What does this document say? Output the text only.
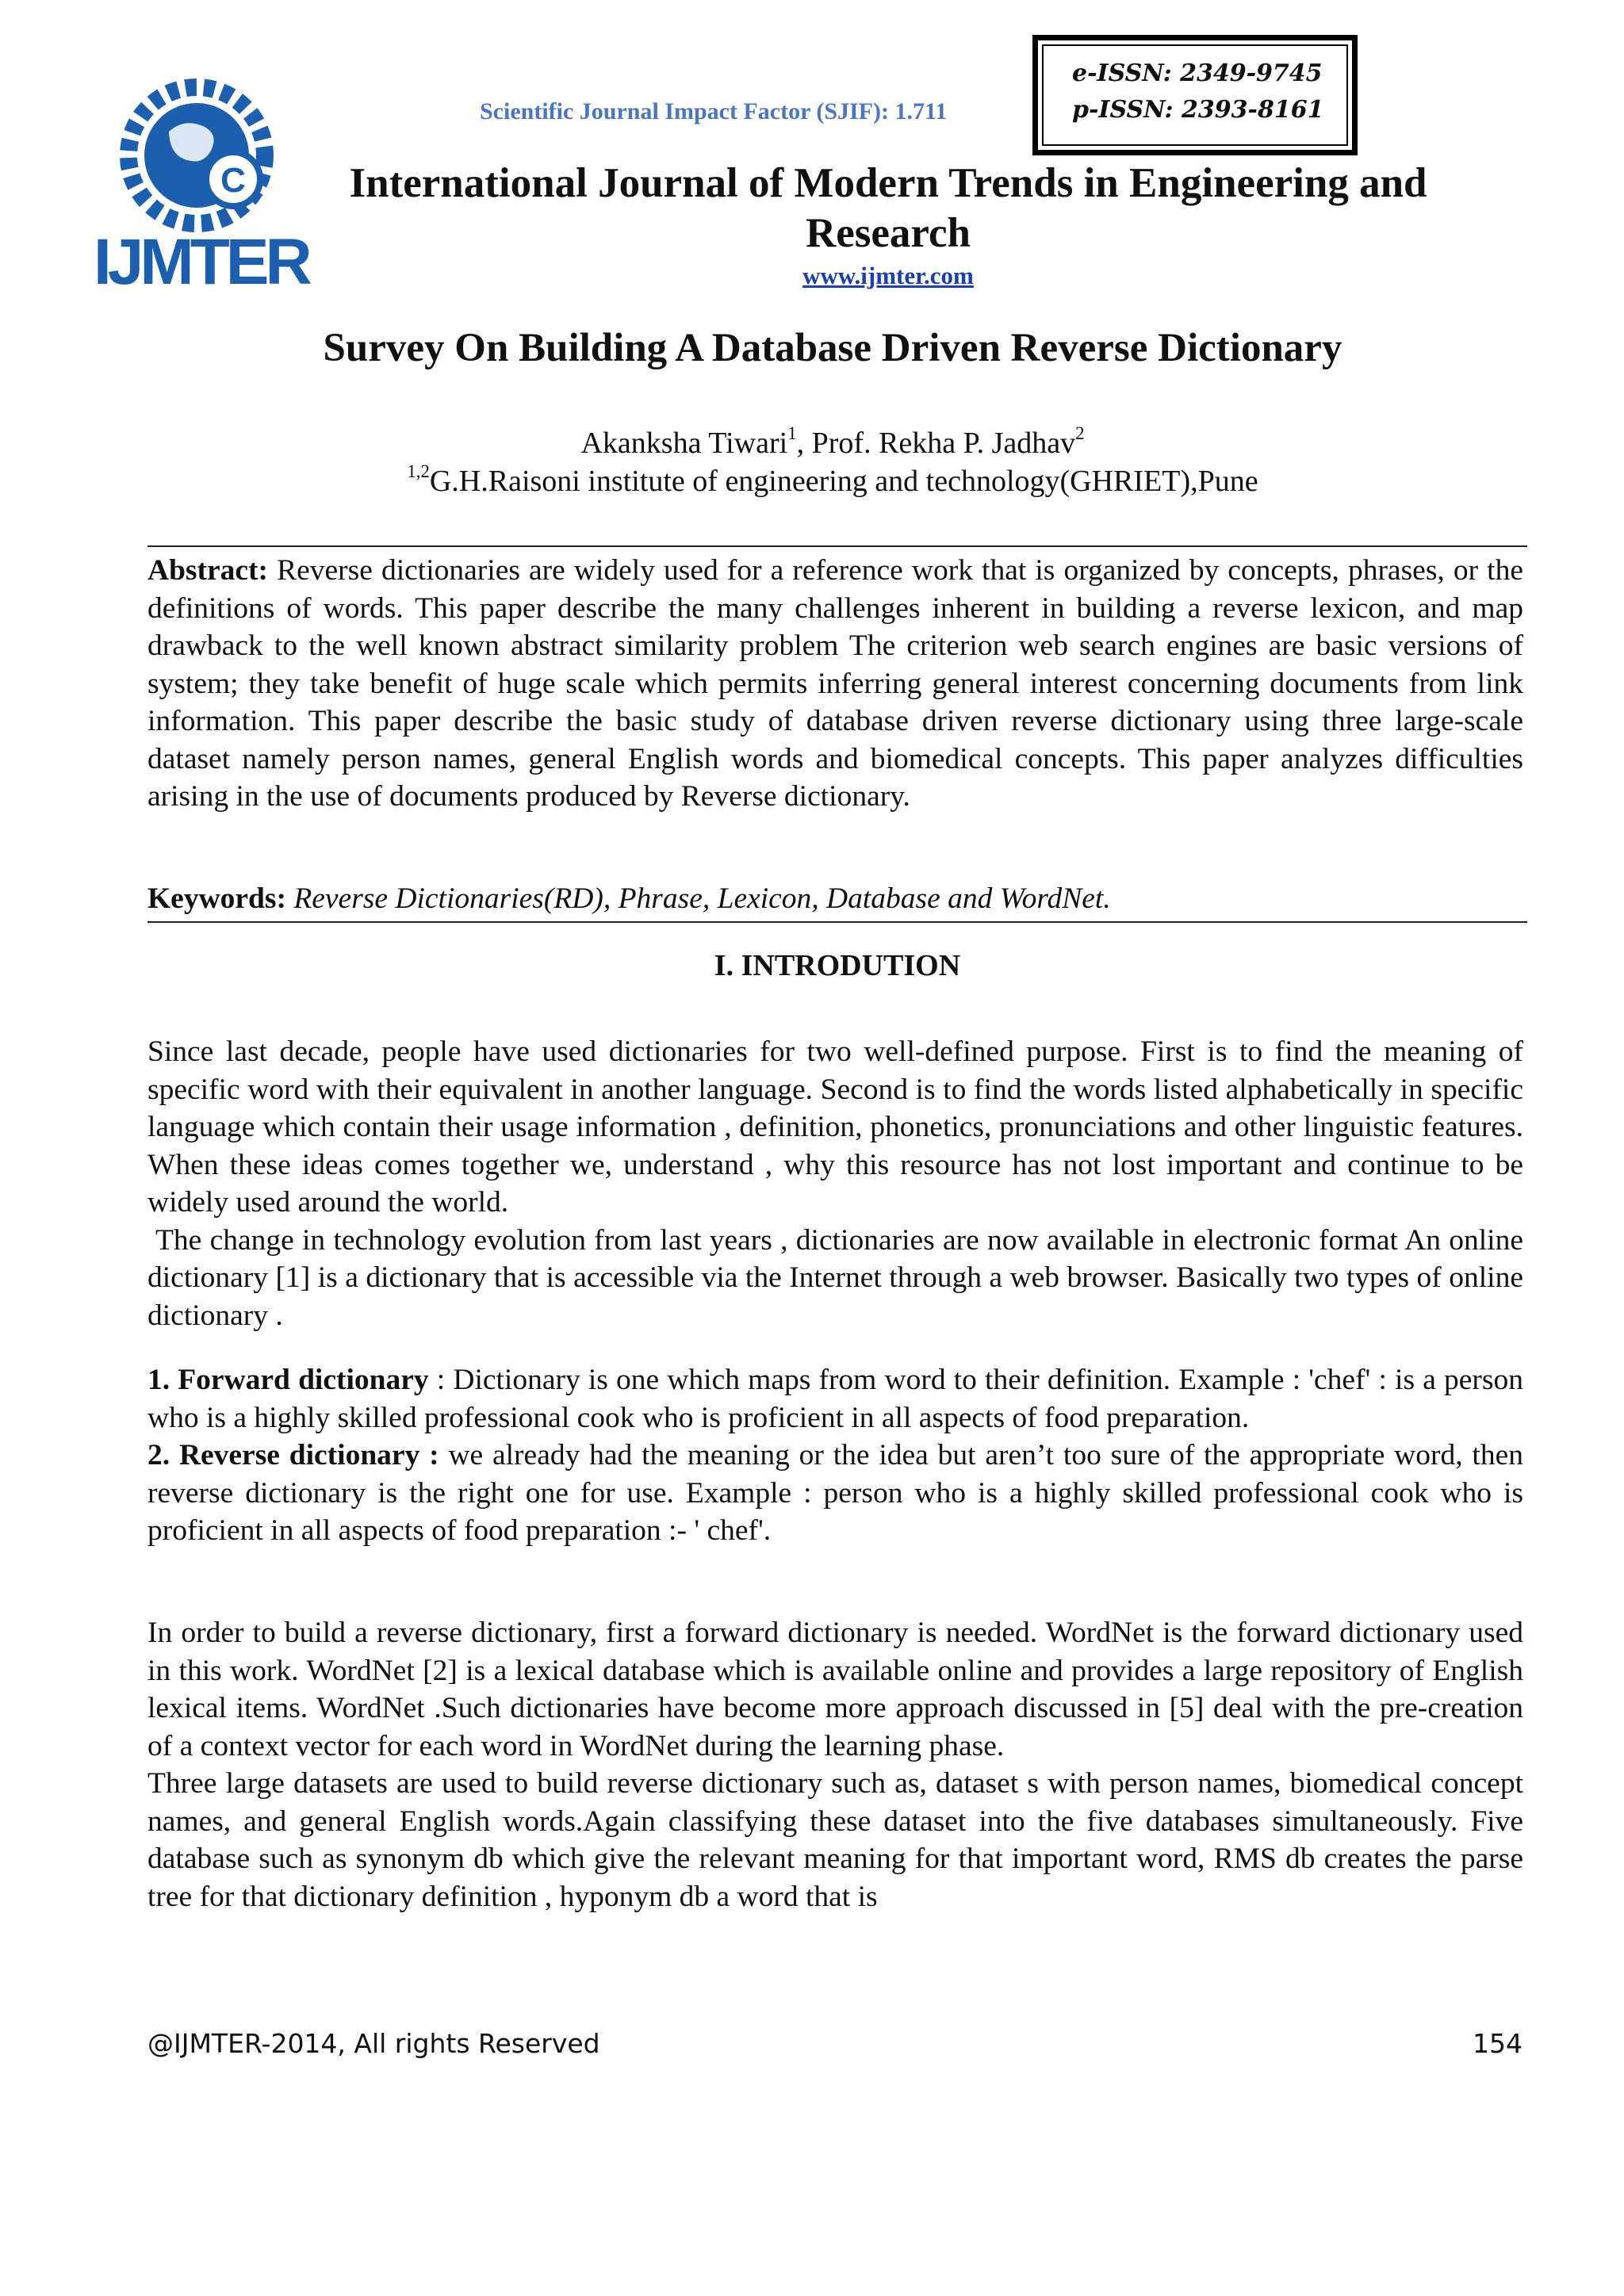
C
IJMTER
Scientific Journal Impact Factor (SJIF): 1.711
e-ISSN: 2349-9745
p-ISSN: 2393-8161
International Journal of Modern Trends in Engineering and Research
www.ijmter.com
Survey On Building A Database Driven Reverse Dictionary
Akanksha Tiwari$^1$, Prof. Rekha P. Jadhav$^2$
$^{1,2}$G.H.Raisoni institute of engineering and technology(GHRIET),Pune

Abstract: Reverse dictionaries are widely used for a reference work that is organized by concepts, phrases, or the definitions of words. This paper describe the many challenges inherent in building a reverse lexicon, and map drawback to the well known abstract similarity problem The criterion web search engines are basic versions of system; they take benefit of huge scale which permits inferring general interest concerning documents from link information. This paper describe the basic study of database driven reverse dictionary using three large-scale dataset namely person names, general English words and biomedical concepts. This paper analyzes difficulties arising in the use of documents produced by Reverse dictionary.

Keywords: Reverse Dictionaries(RD), Phrase, Lexicon, Database and WordNet.

I. INTRODUTION

Since last decade, people have used dictionaries for two well-defined purpose. First is to find the meaning of specific word with their equivalent in another language. Second is to find the words listed alphabetically in specific language which contain their usage information , definition, phonetics, pronunciations and other linguistic features. When these ideas comes together we, understand , why this resource has not lost important and continue to be widely used around the world.

The change in technology evolution from last years , dictionaries are now available in electronic format An online dictionary [1] is a dictionary that is accessible via the Internet through a web browser. Basically two types of online dictionary .

1. Forward dictionary : Dictionary is one which maps from word to their definition. Example : 'chef' : is a person who is a highly skilled professional cook who is proficient in all aspects of food preparation.

2. Reverse dictionary : we already had the meaning or the idea but aren’t too sure of the appropriate word, then reverse dictionary is the right one for use. Example : person who is a highly skilled professional cook who is proficient in all aspects of food preparation :- ' chef'.

In order to build a reverse dictionary, first a forward dictionary is needed. WordNet is the forward dictionary used in this work. WordNet [2] is a lexical database which is available online and provides a large repository of English lexical items. WordNet .Such dictionaries have become more approach discussed in [5] deal with the pre-creation of a context vector for each word in WordNet during the learning phase.

Three large datasets are used to build reverse dictionary such as, dataset s with person names, biomedical concept names, and general English words.Again classifying these dataset into the five databases simultaneously. Five database such as synonym db which give the relevant meaning for that important word, RMS db creates the parse tree for that dictionary definition , hyponym db a word that is

@IJMTER-2014, All rights Reserved	154
